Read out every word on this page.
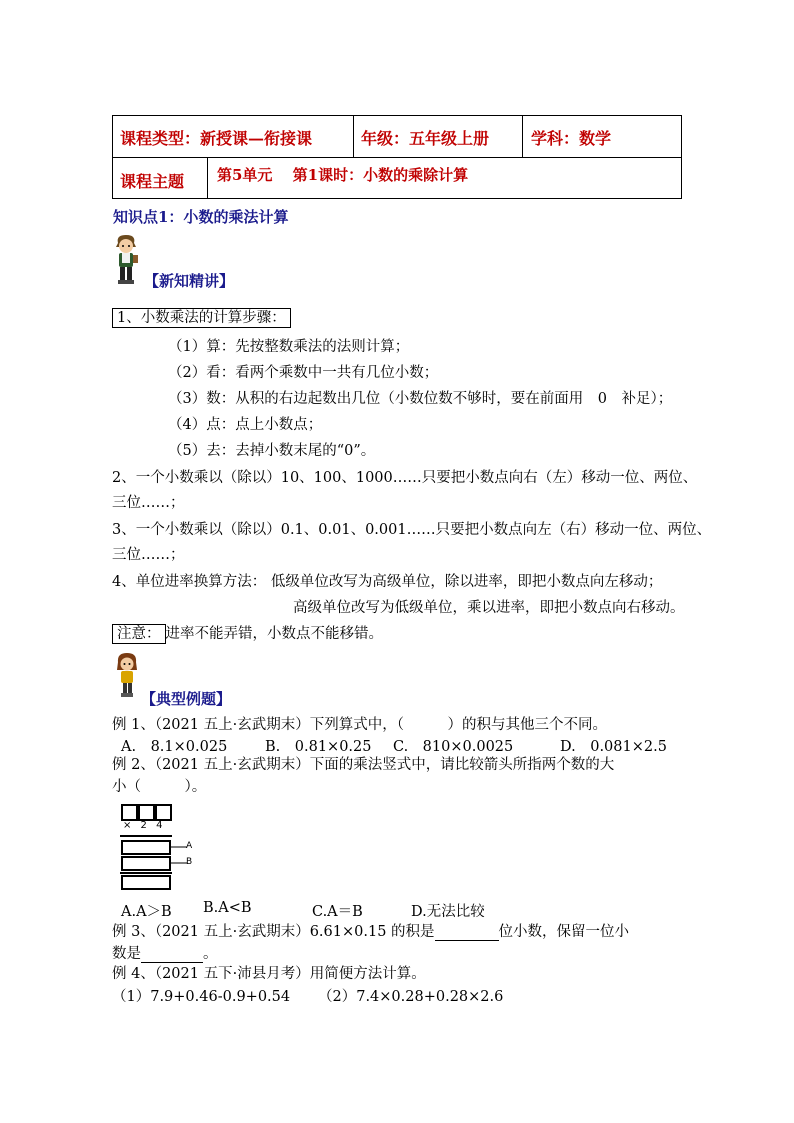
课程类型：新授课—衔接课	年级：五年级上册	学科：数学
课程主题 第5单元　 第1课时：小数的乘除计算
知识点1：小数的乘法计算
【新知精讲】
1、小数乘法的计算步骤：
（1）算：先按整数乘法的法则计算；
（2）看：看两个乘数中一共有几位小数；
（3）数：从积的右边起数出几位（小数位数不够时，要在前面用　0　补足）；
（4）点：点上小数点；
（5）去：去掉小数末尾的“0”。
2、一个小数乘以（除以）10、100、1000……只要把小数点向右（左）移动一位、两位、
三位……；
3、一个小数乘以（除以）0.1、0.01、0.001……只要把小数点向左（右）移动一位、两位、
三位……；
4、单位进率换算方法： 低级单位改写为高级单位，除以进率，即把小数点向左移动；
高级单位改写为低级单位，乘以进率，即把小数点向右移动。
注意： 进率不能弄错，小数点不能移错。
【典型例题】
例 1、（2021 五上·玄武期末）下列算式中，（　　　）的积与其他三个不同。
A.　8.1×0.025	B.　0.81×0.25 C.　810×0.0025	D.　0.081×2.5
例 2、（2021 五上·玄武期末）下面的乘法竖式中，请比较箭头所指两个数的大
小（　　　）。
× 2 4
A
B
A.A＞B B.A<B	C.A＝B	D.无法比较
例 3、（2021 五上·玄武期末）6.61×0.15 的积是	位小数，保留一位小
数是	。
例 4、（2021 五下·沛县月考）用简便方法计算。
（1）7.9+0.46-0.9+0.54 （2）7.4×0.28+0.28×2.6
